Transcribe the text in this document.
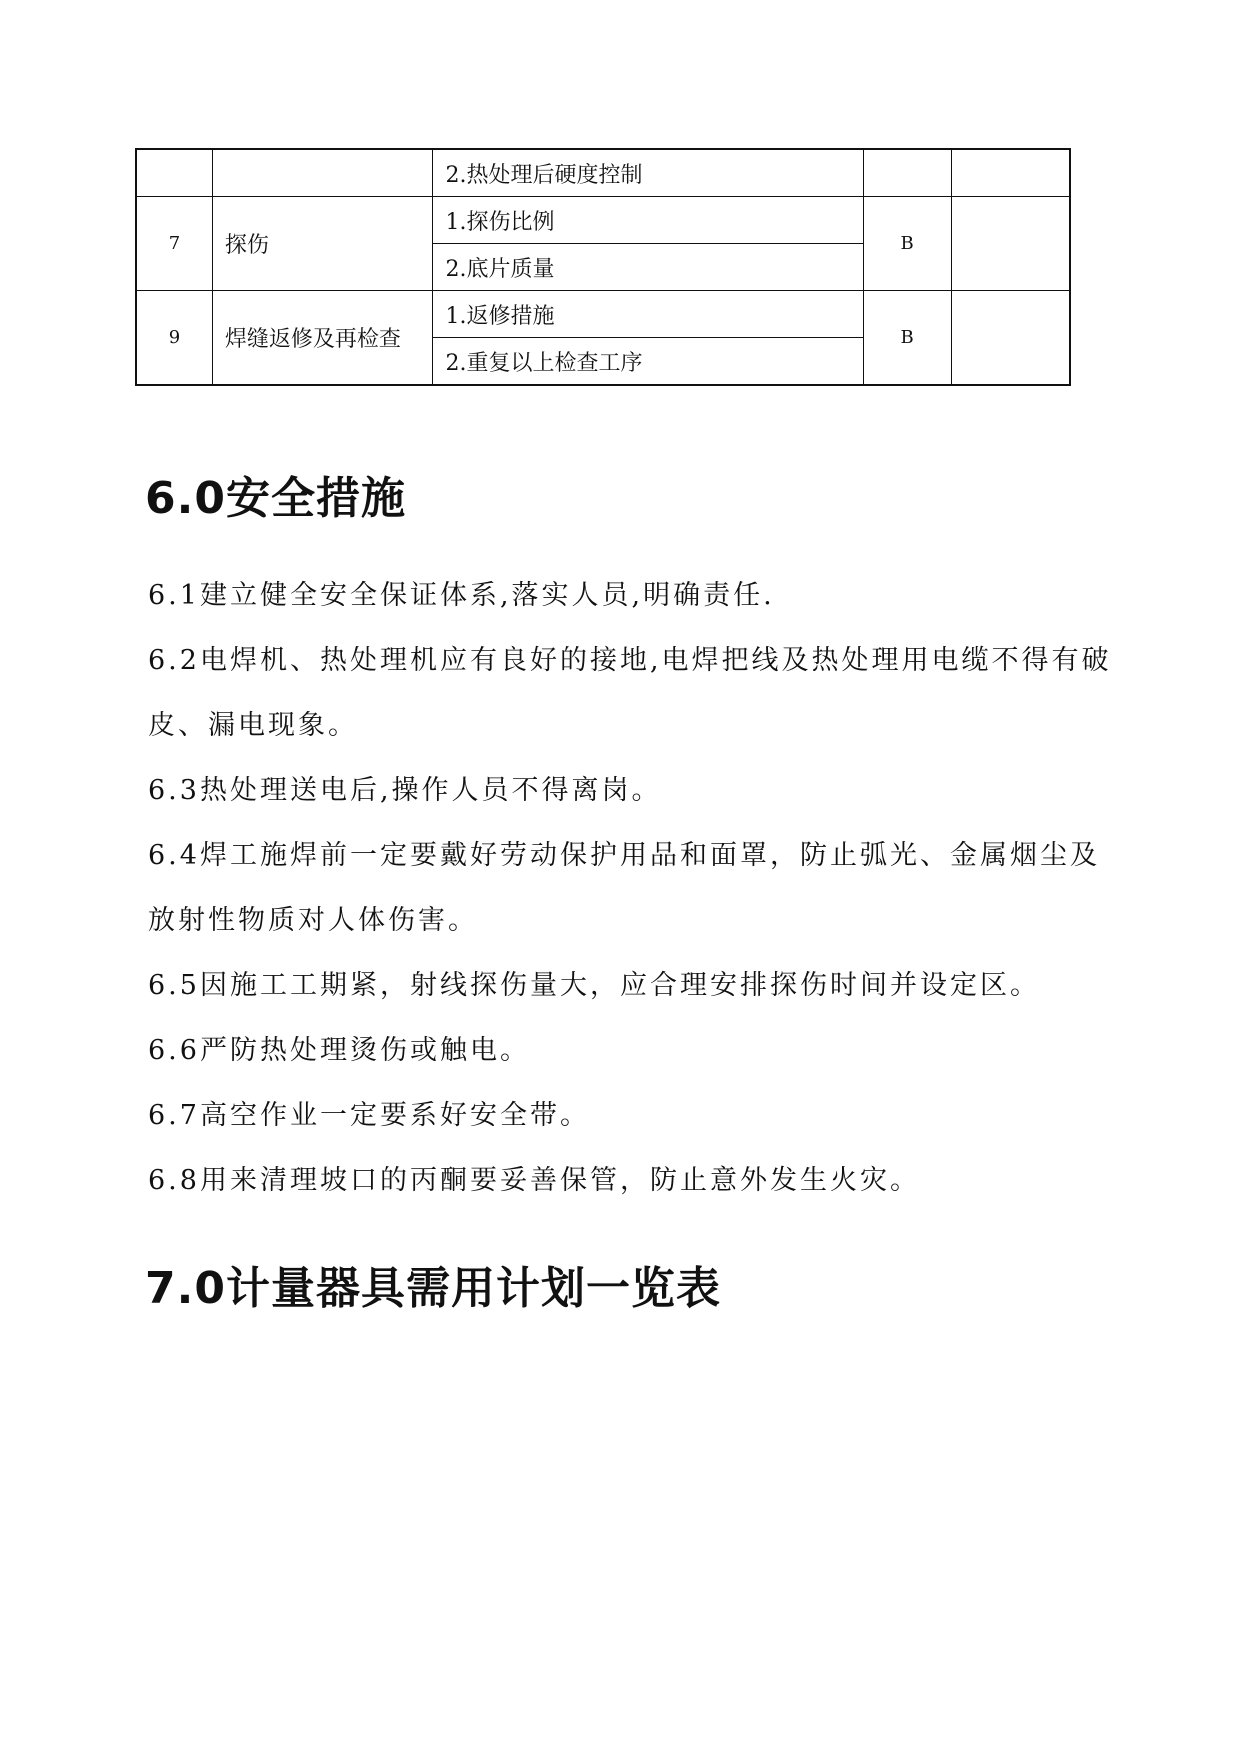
		2.热处理后硬度控制		
7	探伤	1.探伤比例	B	
		2.底片质量		
9	焊缝返修及再检查	1.返修措施	B	
		2.重复以上检查工序		
6.0安全措施

6.1建立健全安全保证体系,落实人员,明确责任.

6.2电焊机、热处理机应有良好的接地,电焊把线及热处理用电缆不得有破皮、漏电现象。

6.3热处理送电后,操作人员不得离岗。

6.4焊工施焊前一定要戴好劳动保护用品和面罩，防止弧光、金属烟尘及放射性物质对人体伤害。

6.5因施工工期紧，射线探伤量大，应合理安排探伤时间并设定区。

6.6严防热处理烫伤或触电。

6.7高空作业一定要系好安全带。

6.8用来清理坡口的丙酮要妥善保管，防止意外发生火灾。

7.0计量器具需用计划一览表
